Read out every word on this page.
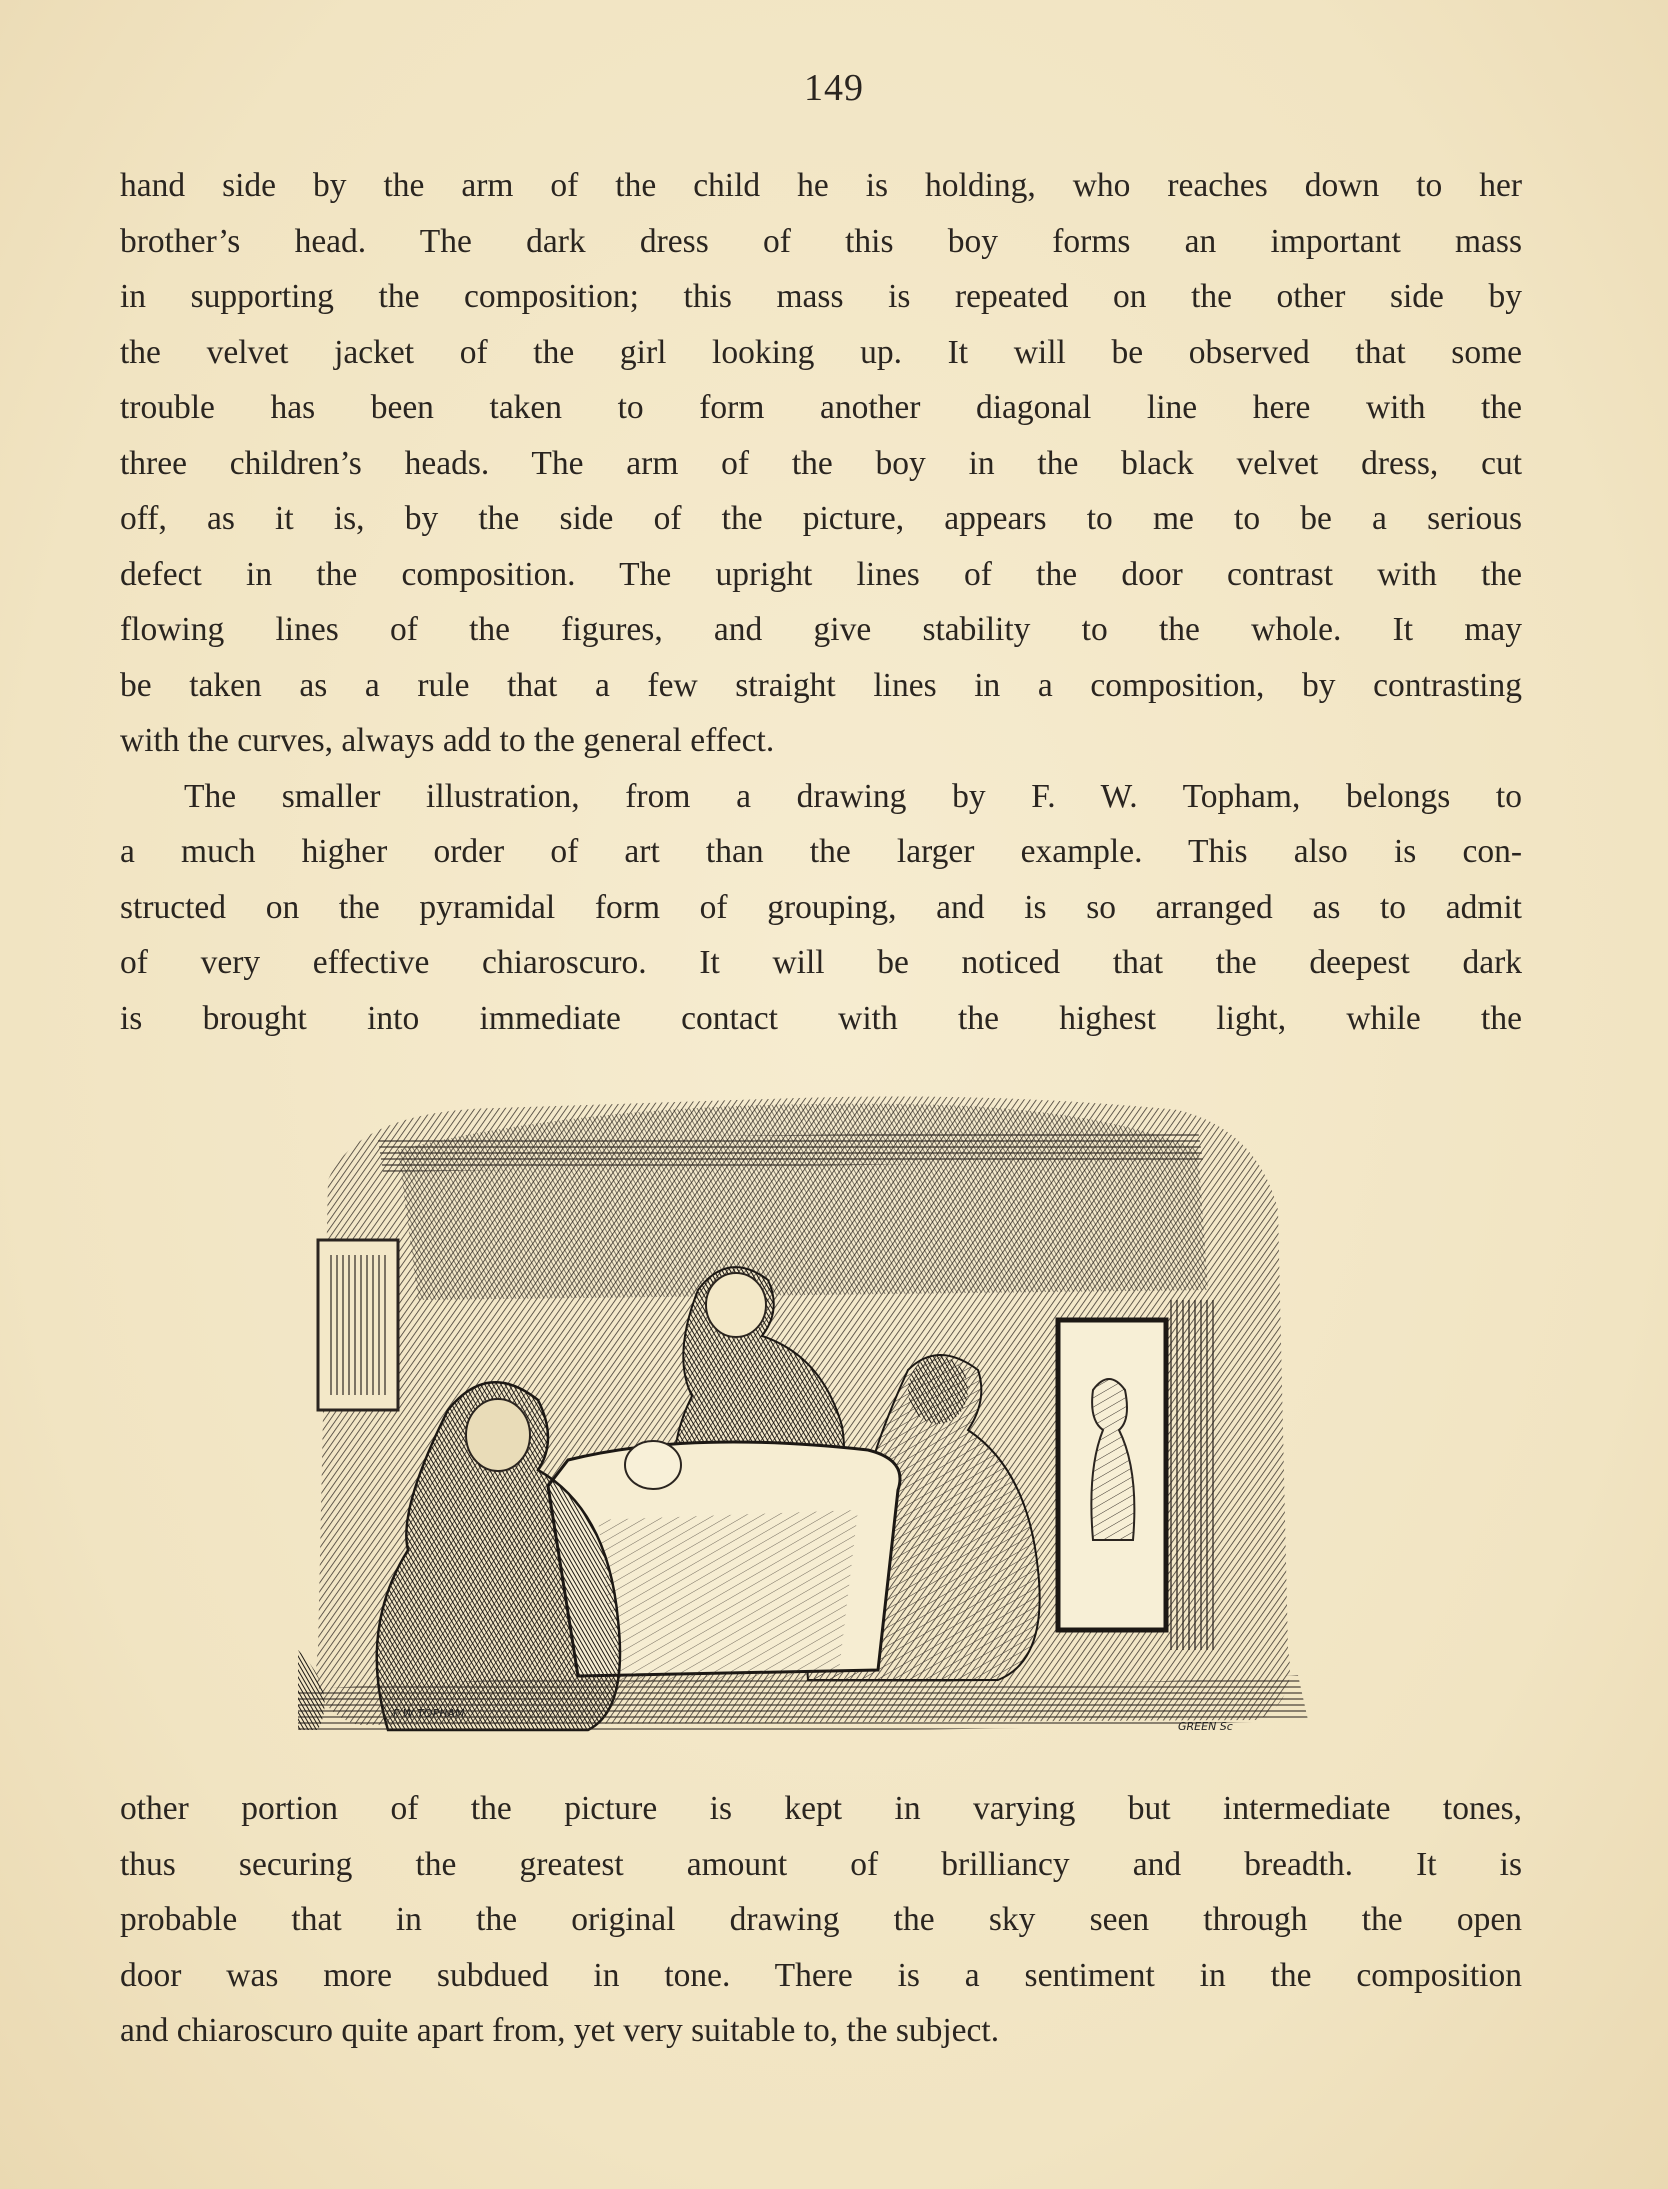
149
hand side by the arm of the child he is holding, who reaches down to her
brother’s head. The dark dress of this boy forms an important mass
in supporting the composition; this mass is repeated on the other side by
the velvet jacket of the girl looking up. It will be observed that some
trouble has been taken to form another diagonal line here with the
three children’s heads. The arm of the boy in the black velvet dress, cut
off, as it is, by the side of the picture, appears to me to be a serious
defect in the composition. The upright lines of the door contrast with the
flowing lines of the figures, and give stability to the whole. It may
be taken as a rule that a few straight lines in a composition, by contrasting
with the curves, always add to the general effect.
The smaller illustration, from a drawing by F. W. Topham, belongs to
a much higher order of art than the larger example. This also is con-
structed on the pyramidal form of grouping, and is so arranged as to admit
of very effective chiaroscuro. It will be noticed that the deepest dark
is brought into immediate contact with the highest light, while the
F W TOPHAM
GREEN Sc
other portion of the picture is kept in varying but intermediate tones,
thus securing the greatest amount of brilliancy and breadth. It is
probable that in the original drawing the sky seen through the open
door was more subdued in tone. There is a sentiment in the composition
and chiaroscuro quite apart from, yet very suitable to, the subject.
